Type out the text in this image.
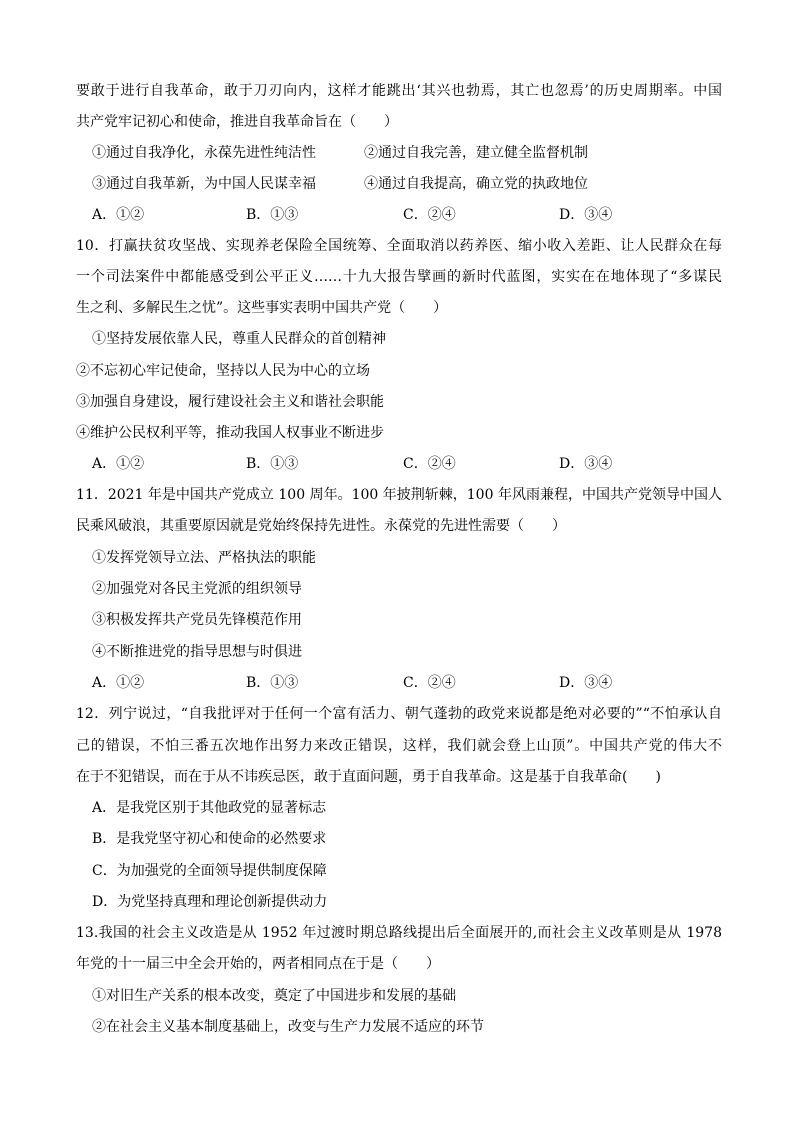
要敢于进行自我革命，敢于刀刃向内，这样才能跳出‘其兴也勃焉，其亡也忽焉’的历史周期率。中国
共产党牢记初心和使命，推进自我革命旨在（　　）
①通过自我净化，永葆先进性纯洁性	②通过自我完善，建立健全监督机制
③通过自我革新，为中国人民谋幸福	④通过自我提高，确立党的执政地位
A．①②	B．①③	C．②④	D．③④
10．打赢扶贫攻坚战、实现养老保险全国统筹、全面取消以药养医、缩小收入差距、让人民群众在每
一个司法案件中都能感受到公平正义……十九大报告擘画的新时代蓝图，实实在在地体现了“多谋民
生之利、多解民生之忧”。这些事实表明中国共产党（　　）
①坚持发展依靠人民，尊重人民群众的首创精神
②不忘初心牢记使命，坚持以人民为中心的立场
③加强自身建设，履行建设社会主义和谐社会职能
④维护公民权利平等，推动我国人权事业不断进步
A．①②	B．①③	C．②④	D．③④
11．2021 年是中国共产党成立 100 周年。100 年披荆斩棘，100 年风雨兼程，中国共产党领导中国人
民乘风破浪，其重要原因就是党始终保持先进性。永葆党的先进性需要（　　）
①发挥党领导立法、严格执法的职能
②加强党对各民主党派的组织领导
③积极发挥共产党员先锋模范作用
④不断推进党的指导思想与时俱进
A．①②	B．①③	C．②④	D．③④
12．列宁说过，“自我批评对于任何一个富有活力、朝气蓬勃的政党来说都是绝对必要的”“不怕承认自
己的错误，不怕三番五次地作出努力来改正错误，这样，我们就会登上山顶”。中国共产党的伟大不
在于不犯错误，而在于从不讳疾忌医，敢于直面问题，勇于自我革命。这是基于自我革命(　　)
A．是我党区别于其他政党的显著标志
B．是我党坚守初心和使命的必然要求
C．为加强党的全面领导提供制度保障
D．为党坚持真理和理论创新提供动力
13.我国的社会主义改造是从 1952 年过渡时期总路线提出后全面展开的,而社会主义改革则是从 1978
年党的十一届三中全会开始的，两者相同点在于是（　　）
①对旧生产关系的根本改变，奠定了中国进步和发展的基础
②在社会主义基本制度基础上，改变与生产力发展不适应的环节
